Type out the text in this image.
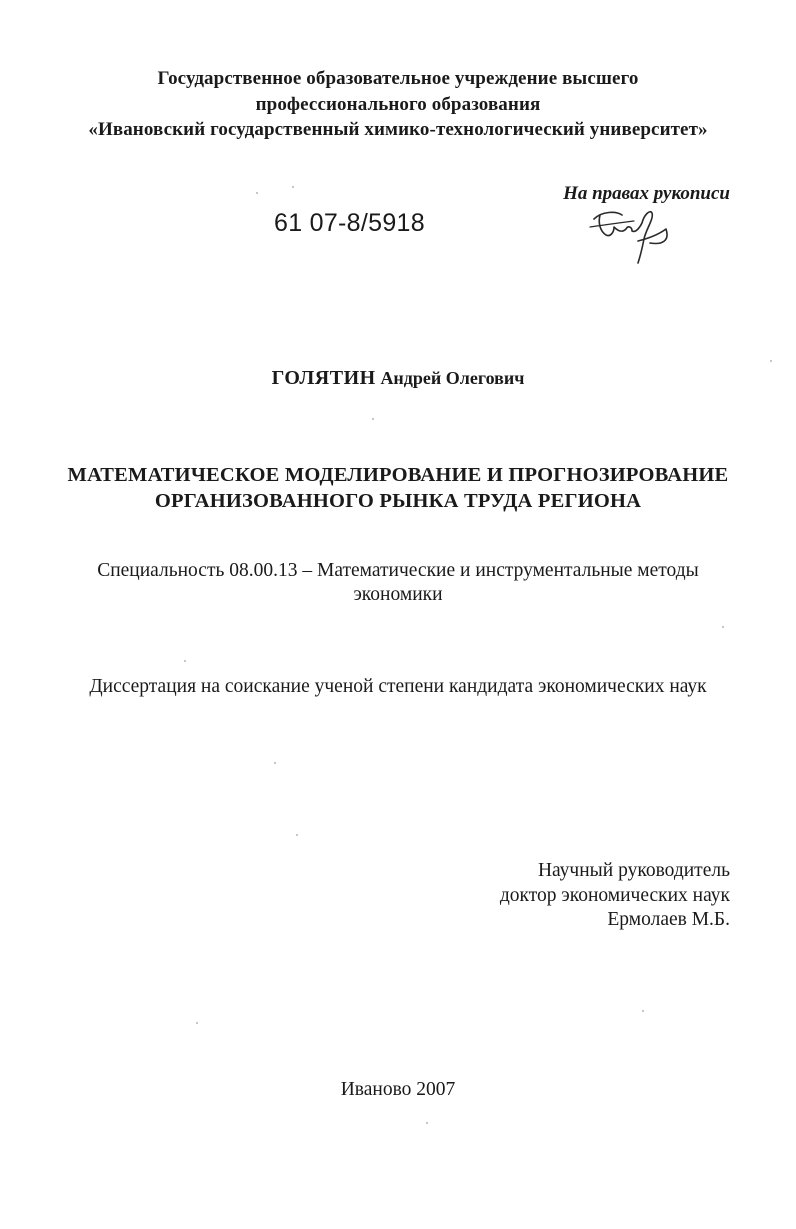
Государственное образовательное учреждение высшего
профессионального образования
«Ивановский государственный химико-технологический университет»
На правах рукописи
61 07-8/5918
ГОЛЯТИН Андрей Олегович
МАТЕМАТИЧЕСКОЕ МОДЕЛИРОВАНИЕ И ПРОГНОЗИРОВАНИЕ
ОРГАНИЗОВАННОГО РЫНКА ТРУДА РЕГИОНА
Специальность 08.00.13 – Математические и инструментальные методы
экономики
Диссертация на соискание ученой степени кандидата экономических наук
Научный руководитель
доктор экономических наук
Ермолаев М.Б.
Иваново 2007
